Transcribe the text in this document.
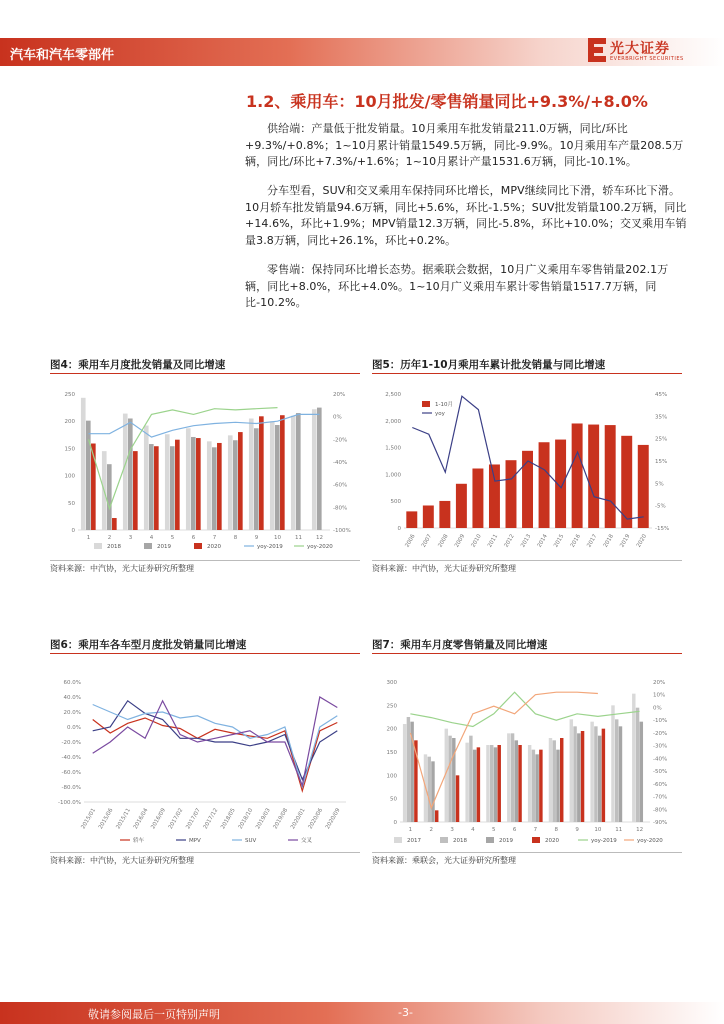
汽车和汽车零部件	光大证券
EVERBRIGHT SECURITIES
1.2、乘用车：10月批发/零售销量同比+9.3%/+8.0%
供给端：产量低于批发销量。10月乘用车批发销量211.0万辆，同比/环比+9.3%/+0.8%；1~10月累计销量1549.5万辆，同比-9.9%。10月乘用车产量208.5万辆，同比/环比+7.3%/+1.6%；1~10月累计产量1531.6万辆，同比-10.1%。
分车型看，SUV和交叉乘用车保持同环比增长，MPV继续同比下滑，轿车环比下滑。10月轿车批发销量94.6万辆，同比+5.6%，环比-1.5%；SUV批发销量100.2万辆，同比+14.6%，环比+1.9%；MPV销量12.3万辆，同比-5.8%，环比+10.0%；交叉乘用车销量3.8万辆，同比+26.1%，环比+0.2%。
零售端：保持同环比增长态势。据乘联会数据，10月广义乘用车零售销量202.1万辆，同比+8.0%，环比+4.0%。1~10月广义乘用车累计零售销量1517.7万辆，同比-10.2%。
图4：乘用车月度批发销量及同比增速
0
50
100
150
200
250
-100%
-80%
-60%
-40%
-20%
0%
20%
1	2	3	4	5	6	7	8	9	10	11	12
2018	2019	2020	yoy-2019	yoy-2020
资料来源：中汽协，光大证券研究所整理
图5：历年1-10月乘用车累计批发销量与同比增速
0
500
1,000
1,500
2,000
2,500
-15%
-5%
5%
15%
25%
35%
45%
2006 2007 2008 2009 2010 2011 2012 2013 2014 2015 2016 2017 2018 2019 2020
1-10月
yoy
资料来源：中汽协，光大证券研究所整理
图6：乘用车各车型月度批发销量同比增速
-100.0%
-80.0%
-60.0%
-40.0%
-20.0%
0.0%
20.0%
40.0%
60.0%
2015/01 2015/06 2015/11 2016/04 2016/09 2017/02 2017/07 2017/12 2018/05 2018/10 2019/03 2019/08 2020/01 2020/06 2020/09
轿车	MPV	SUV	交叉
资料来源：中汽协，光大证券研究所整理
图7：乘用车月度零售销量及同比增速
0
50
100
150
200
250
300
-90%
-80%
-70%
-60%
-50%
-40%
-30%
-20%
-10%
0%
10%
20%
1	2	3	4	5	6	7	8	9	10	11	12
2017	2018	2019	2020	yoy-2019	yoy-2020
资料来源：乘联会，光大证券研究所整理
敬请参阅最后一页特别声明	-3-
